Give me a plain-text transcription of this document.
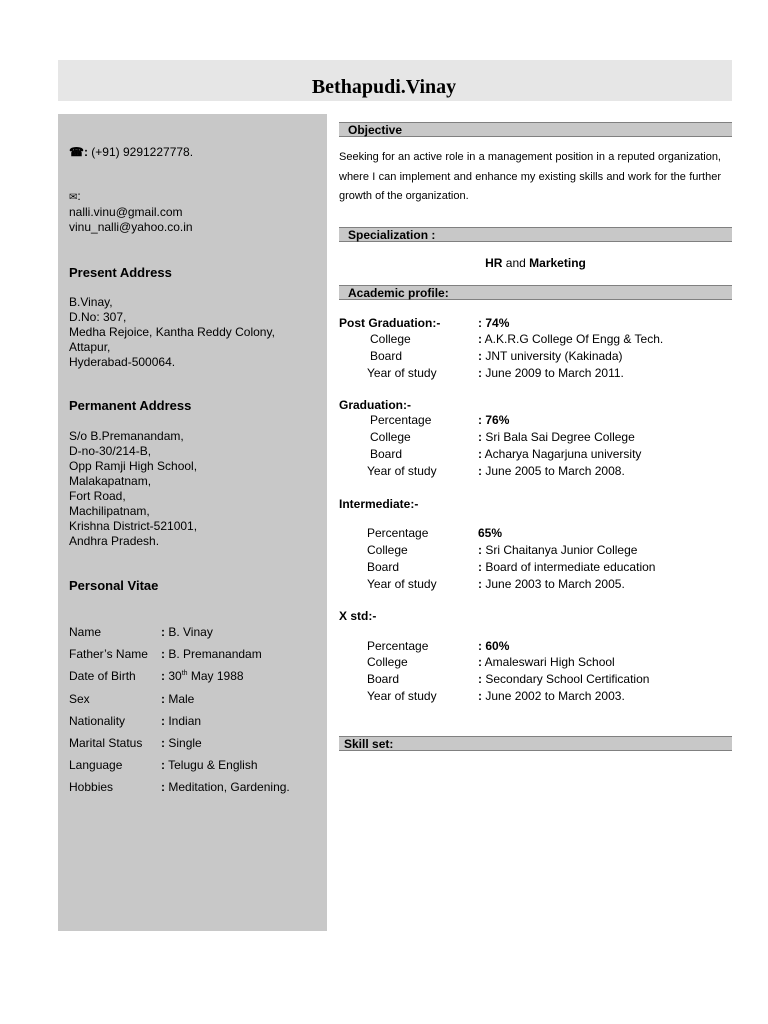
Bethapudi.Vinay
☎: (+91) 9291227778.
✉:
nalli.vinu@gmail.com
vinu_nalli@yahoo.co.in
Present Address
B.Vinay,
D.No: 307,
Medha Rejoice, Kantha Reddy Colony,
Attapur,
Hyderabad-500064.
Permanent Address
S/o B.Premanandam,
D-no-30/214-B,
Opp Ramji High School,
Malakapatnam,
Fort Road,
Machilipatnam,
Krishna District-521001,
Andhra Pradesh.
Personal Vitae
Name	: B. Vinay
Father’s Name : B. Premanandam
Date of Birth : 30th May 1988
Sex	: Male
Nationality	: Indian
Marital Status : Single
Language	: Telugu & English
Hobbies	: Meditation, Gardening.
Objective
Seeking for an active role in a management position in a reputed organization, where I can implement and enhance my existing skills and work for the further growth of the organization.
Specialization :
HR and Marketing
Academic profile:
Post Graduation:-	: 74%
College	: A.K.R.G College Of Engg & Tech.
Board	: JNT university (Kakinada)
Year of study	: June 2009 to March 2011.
Graduation:-
Percentage	: 76%
College	: Sri Bala Sai Degree College
Board	: Acharya Nagarjuna university
Year of study	: June 2005 to March 2008.
Intermediate:-
Percentage	65%
College	: Sri Chaitanya Junior College
Board	: Board of intermediate education
Year of study	: June 2003 to March 2005.
X std:-
Percentage	: 60%
College	: Amaleswari High School
Board	: Secondary School Certification
Year of study	: June 2002 to March 2003.
Skill set:
